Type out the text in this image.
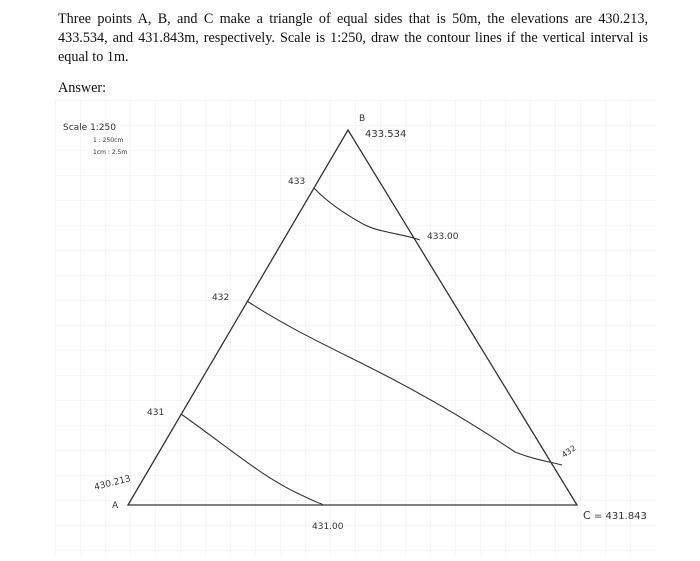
Three points A, B, and C make a triangle of equal sides that is 50m, the elevations are 430.213, 433.534, and 431.843m, respectively. Scale is 1:250, draw the contour lines if the vertical interval is equal to 1m.

Answer:

Scale 1:250
1 : 250cm
1cm : 2.5m
B
433.534
430.213
A
C = 431.843
431
432
433
433.00
432
431.00
